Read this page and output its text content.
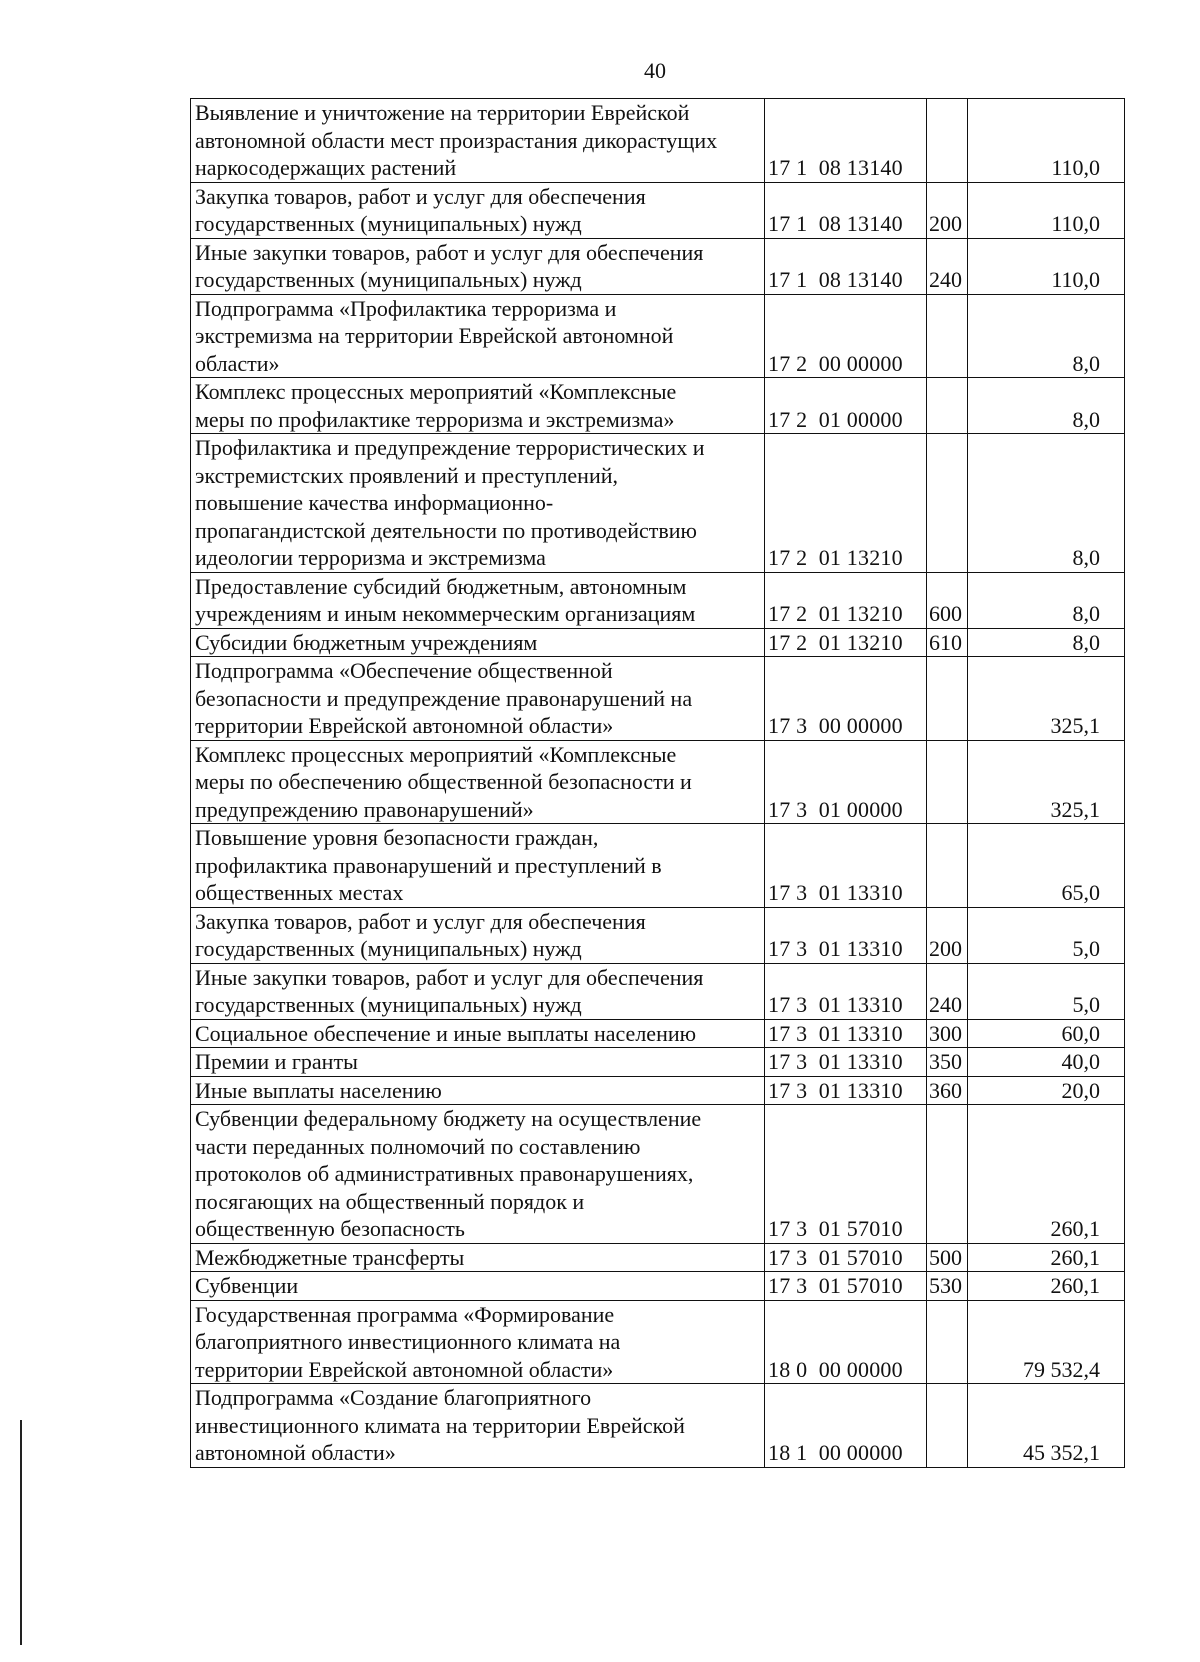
40
Выявление и уничтожение на территории Еврейской
автономной области мест произрастания дикорастущих
наркосодержащих растений	17 1  08 13140		110,0
Закупка товаров, работ и услуг для обеспечения
государственных (муниципальных) нужд	17 1  08 13140	200	110,0
Иные закупки товаров, работ и услуг для обеспечения
государственных (муниципальных) нужд	17 1  08 13140	240	110,0
Подпрограмма «Профилактика терроризма и
экстремизма на территории Еврейской автономной
области»	17 2  00 00000		8,0
Комплекс процессных мероприятий «Комплексные
меры по профилактике терроризма и экстремизма»	17 2  01 00000		8,0
Профилактика и предупреждение террористических и
экстремистских проявлений и преступлений,
повышение качества информационно-
пропагандистской деятельности по противодействию
идеологии терроризма и экстремизма	17 2  01 13210		8,0
Предоставление субсидий бюджетным, автономным
учреждениям и иным некоммерческим организациям	17 2  01 13210	600	8,0
Субсидии бюджетным учреждениям	17 2  01 13210	610	8,0
Подпрограмма «Обеспечение общественной
безопасности и предупреждение правонарушений на
территории Еврейской автономной области»	17 3  00 00000		325,1
Комплекс процессных мероприятий «Комплексные
меры по обеспечению общественной безопасности и
предупреждению правонарушений»	17 3  01 00000		325,1
Повышение уровня безопасности граждан,
профилактика правонарушений и преступлений в
общественных местах	17 3  01 13310		65,0
Закупка товаров, работ и услуг для обеспечения
государственных (муниципальных) нужд	17 3  01 13310	200	5,0
Иные закупки товаров, работ и услуг для обеспечения
государственных (муниципальных) нужд	17 3  01 13310	240	5,0
Социальное обеспечение и иные выплаты населению	17 3  01 13310	300	60,0
Премии и гранты	17 3  01 13310	350	40,0
Иные выплаты населению	17 3  01 13310	360	20,0
Субвенции федеральному бюджету на осуществление
части переданных полномочий по составлению
протоколов об административных правонарушениях,
посягающих на общественный порядок и
общественную безопасность	17 3  01 57010		260,1
Межбюджетные трансферты	17 3  01 57010	500	260,1
Субвенции	17 3  01 57010	530	260,1
Государственная программа «Формирование
благоприятного инвестиционного климата на
территории Еврейской автономной области»	18 0  00 00000		79 532,4
Подпрограмма «Создание благоприятного
инвестиционного климата на территории Еврейской
автономной области»	18 1  00 00000		45 352,1
